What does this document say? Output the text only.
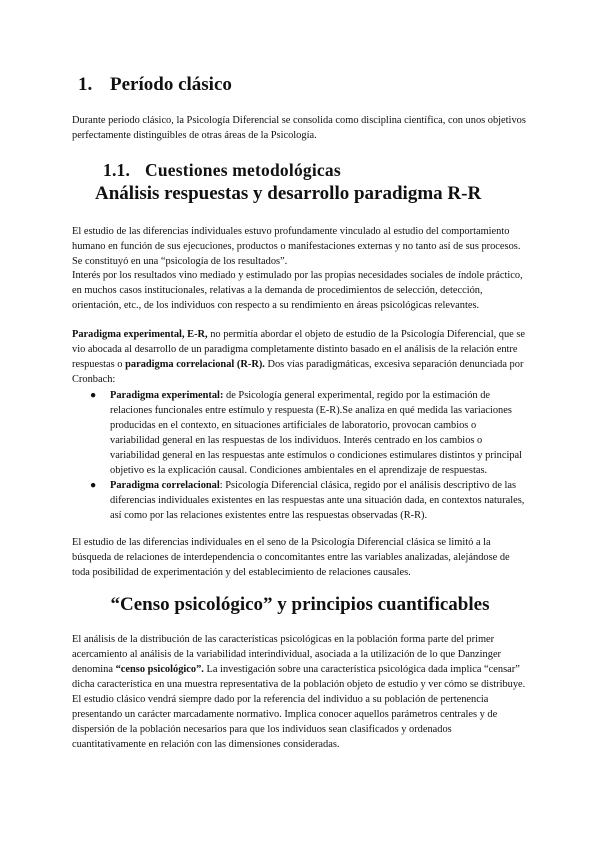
1. Período clásico

Durante periodo clásico, la Psicología Diferencial se consolida como disciplina científica, con unos objetivos perfectamente distinguibles de otras áreas de la Psicología.

1.1. Cuestiones metodológicas
Análisis respuestas y desarrollo paradigma R-R

El estudio de las diferencias individuales estuvo profundamente vinculado al estudio del comportamiento humano en función de sus ejecuciones, productos o manifestaciones externas y no tanto así de sus procesos. Se constituyó en una “psicología de los resultados”.

Interés por los resultados vino mediado y estimulado por las propias necesidades sociales de índole práctico, en muchos casos institucionales, relativas a la demanda de procedimientos de selección, detección, orientación, etc., de los individuos con respecto a su rendimiento en áreas psicológicas relevantes.

Paradigma experimental, E-R, no permitía abordar el objeto de estudio de la Psicología Diferencial, que se vio abocada al desarrollo de un paradigma completamente distinto basado en el análisis de la relación entre respuestas o paradigma correlacional (R-R). Dos vías paradigmáticas, excesiva separación denunciada por Cronbach:

● Paradigma experimental: de Psicología general experimental, regido por la estimación de relaciones funcionales entre estímulo y respuesta (E-R).Se analiza en qué medida las variaciones producidas en el contexto, en situaciones artificiales de laboratorio, provocan cambios o variabilidad general en las respuestas de los individuos. Interés centrado en los cambios o variabilidad general en las respuestas ante estímulos o condiciones estimulares distintos y principal objetivo es la explicación causal. Condiciones ambientales en el aprendizaje de respuestas.
● Paradigma correlacional: Psicología Diferencial clásica, regido por el análisis descriptivo de las diferencias individuales existentes en las respuestas ante una situación dada, en contextos naturales, así como por las relaciones existentes entre las respuestas observadas (R-R).

El estudio de las diferencias individuales en el seno de la Psicología Diferencial clásica se limitó a la búsqueda de relaciones de interdependencia o concomitantes entre las variables analizadas, alejándose de toda posibilidad de experimentación y del establecimiento de relaciones causales.

“Censo psicológico” y principios cuantificables

El análisis de la distribución de las características psicológicas en la población forma parte del primer acercamiento al análisis de la variabilidad interindividual, asociada a la utilización de lo que Danzinger denomina “censo psicológico”. La investigación sobre una característica psicológica dada implica “censar” dicha característica en una muestra representativa de la población objeto de estudio y ver cómo se distribuye. El estudio clásico vendrá siempre dado por la referencia del individuo a su población de pertenencia presentando un carácter marcadamente normativo. Implica conocer aquellos parámetros centrales y de dispersión de la población necesarios para que los individuos sean clasificados y ordenados cuantitativamente en relación con las dimensiones consideradas.
